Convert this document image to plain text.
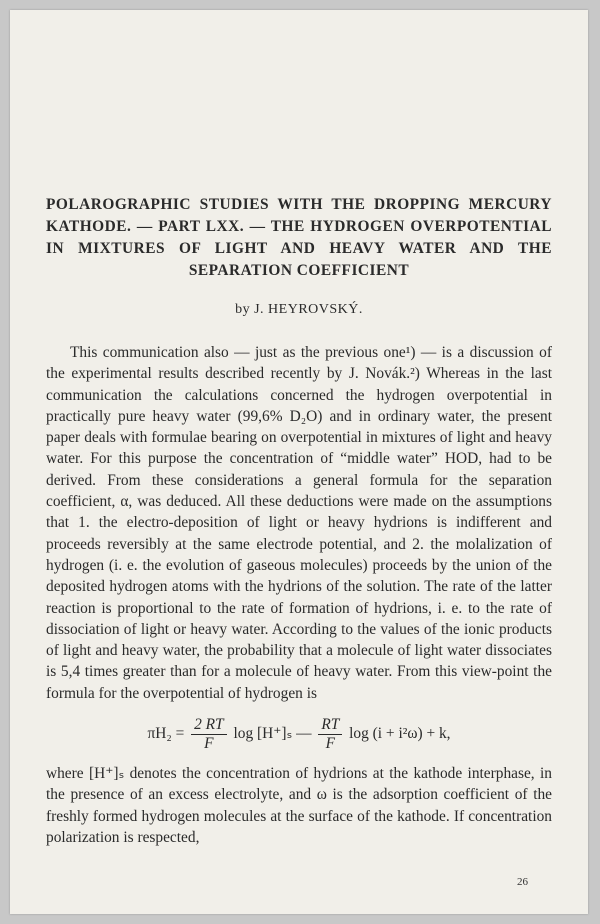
POLAROGRAPHIC STUDIES WITH THE DROPPING MERCURY KATHODE. — PART LXX. — THE HYDROGEN OVERPOTENTIAL IN MIXTURES OF LIGHT AND HEAVY WATER AND THE SEPARATION COEFFICIENT

by J. HEYROVSKÝ.

This communication also — just as the previous one¹) — is a discussion of the experimental results described recently by J. Novák.²) Whereas in the last communication the calculations concerned the hydrogen overpotential in practically pure heavy water (99,6% D₂O) and in ordinary water, the present paper deals with formulae bearing on overpotential in mixtures of light and heavy water. For this purpose the concentration of “middle water” HOD, had to be derived. From these considerations a general formula for the separation coefficient, α, was deduced. All these deductions were made on the assumptions that 1. the electro-deposition of light or heavy hydrions is indifferent and proceeds reversibly at the same electrode potential, and 2. the molalization of hydrogen (i. e. the evolution of gaseous molecules) proceeds by the union of the deposited hydrogen atoms with the hydrions of the solution. The rate of the latter reaction is proportional to the rate of formation of hydrions, i. e. to the rate of dissociation of light or heavy water. According to the values of the ionic products of light and heavy water, the probability that a molecule of light water dissociates is 5,4 times greater than for a molecule of heavy water. From this view-point the formula for the overpotential of hydrogen is

$\pi H_2 = \frac{2 RT}{F}$ log [H⁺]ₛ — $\frac{RT}{F}$ log (i + i²ω) + k,

where [H⁺]ₛ denotes the concentration of hydrions at the kathode interphase, in the presence of an excess electrolyte, and ω is the adsorption coefficient of the freshly formed hydrogen molecules at the surface of the kathode. If concentration polarization is respected,

26
